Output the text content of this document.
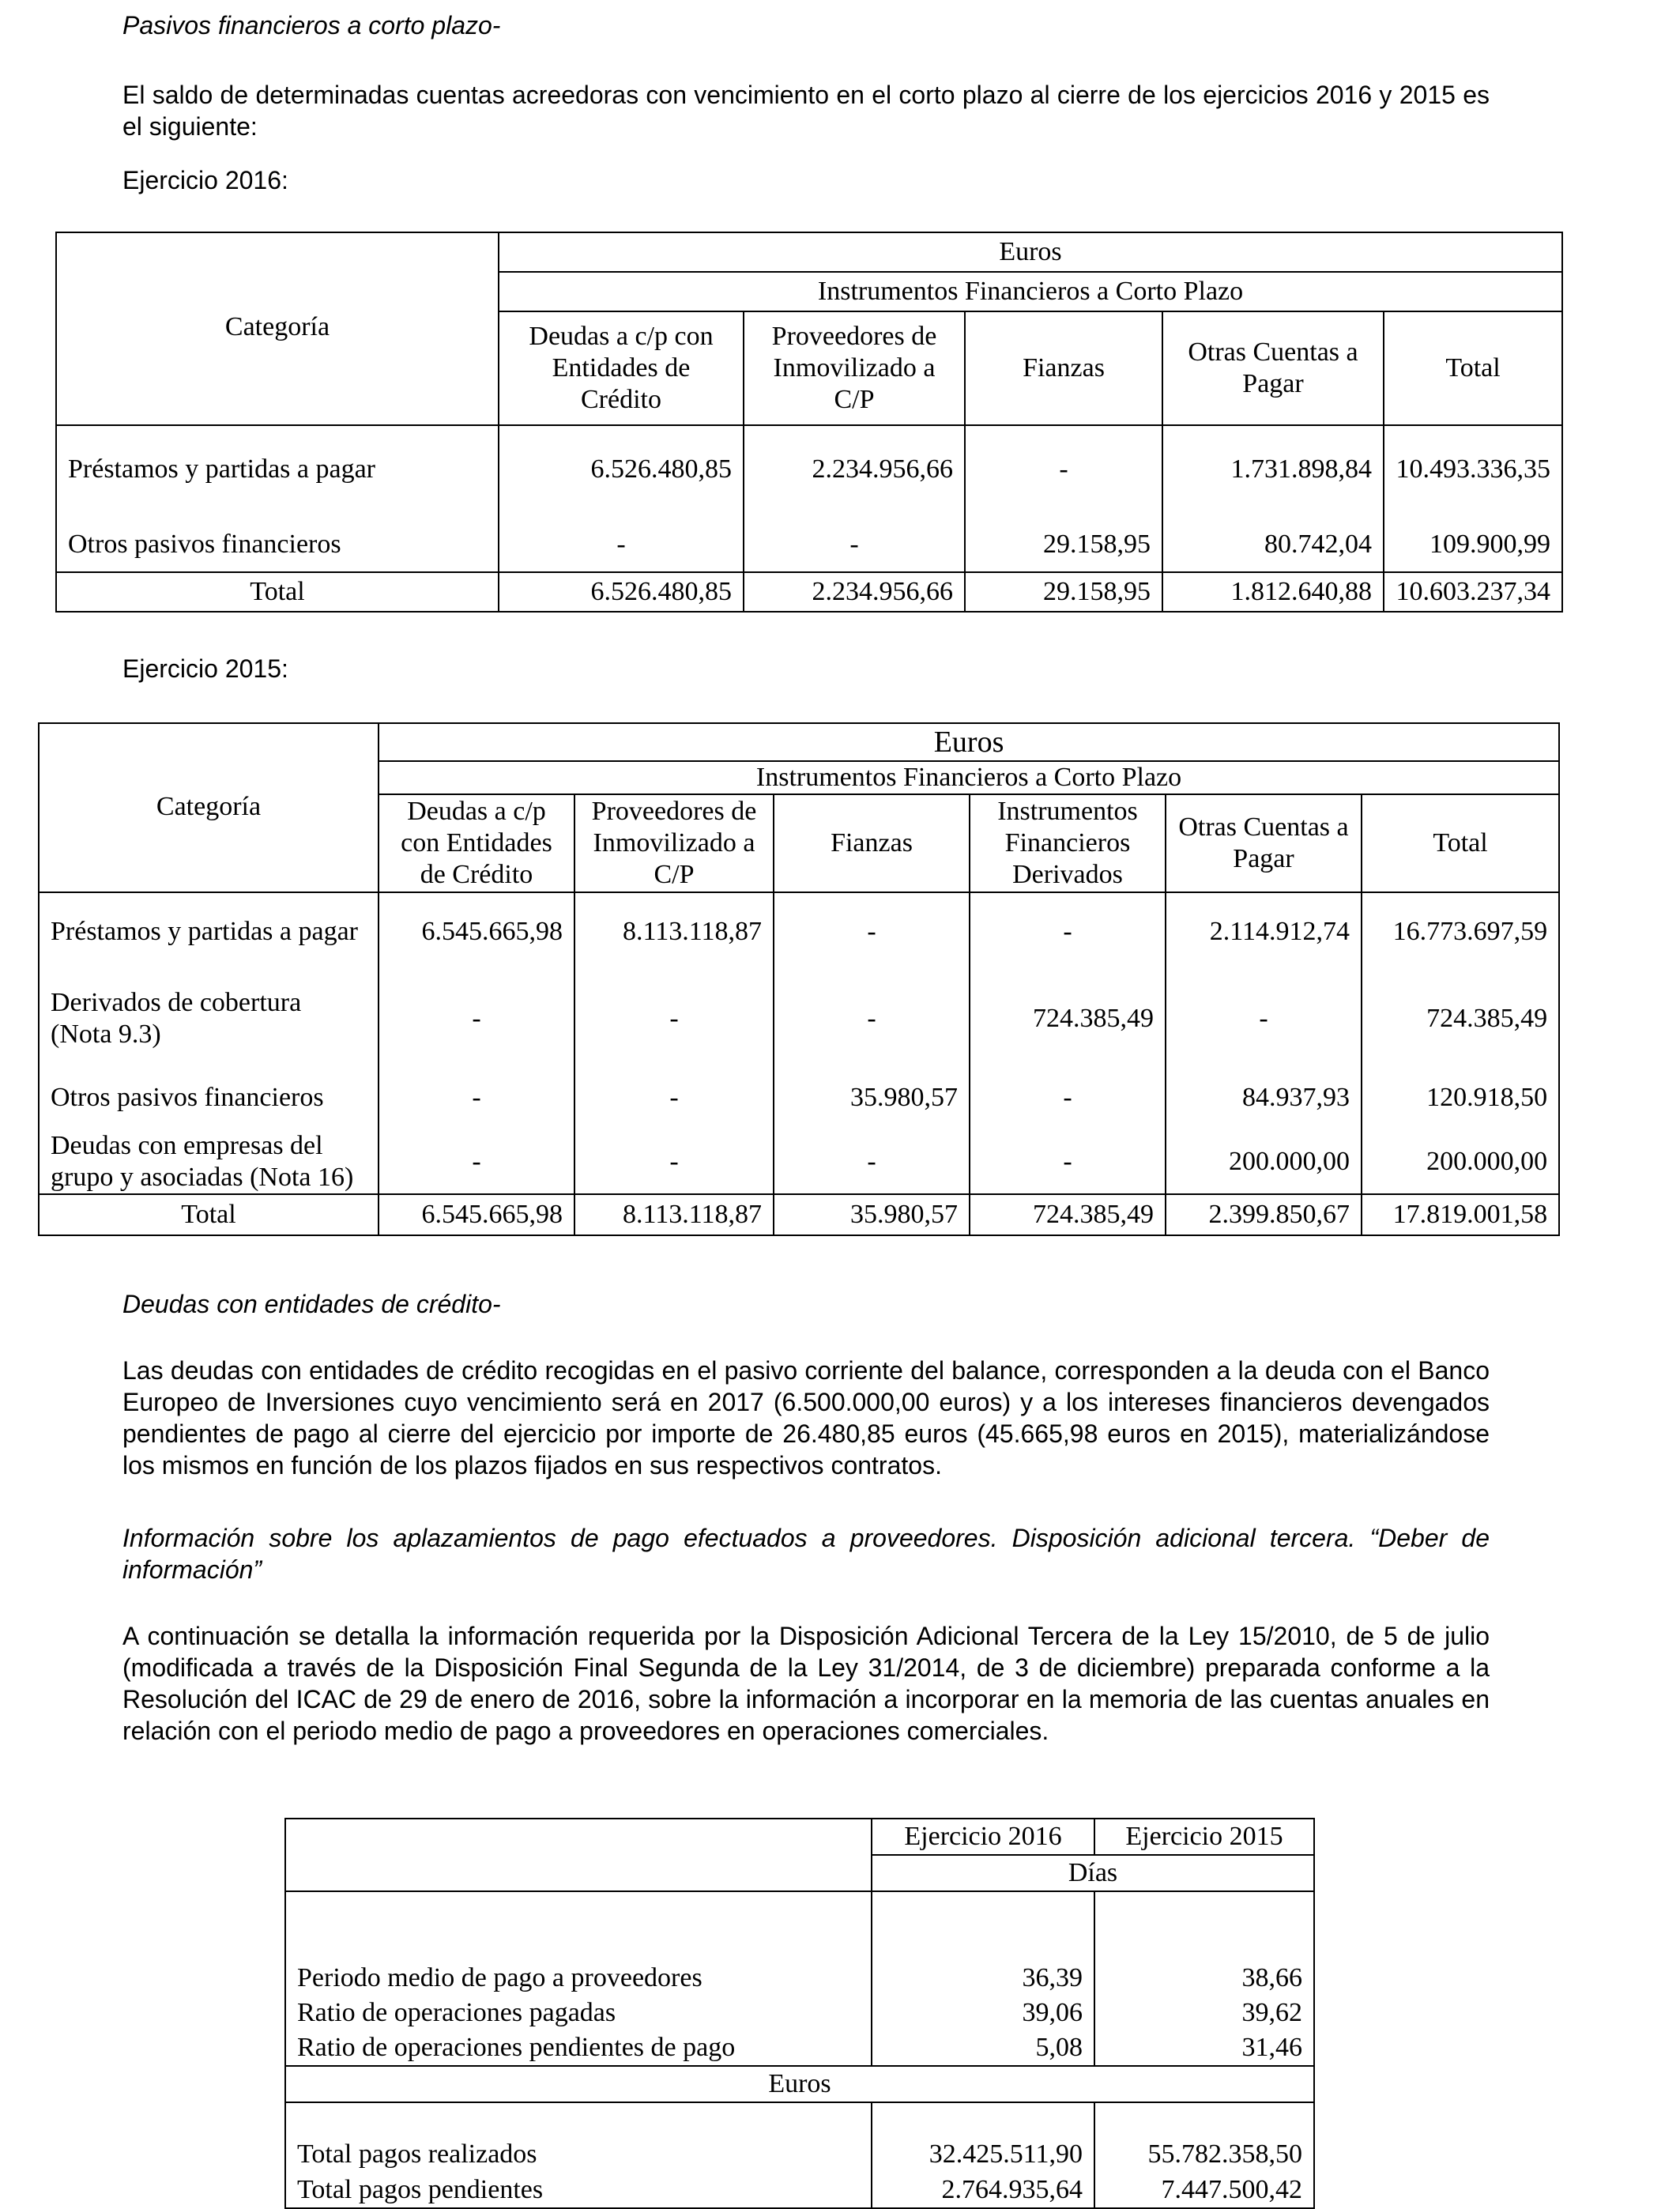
Pasivos financieros a corto plazo-
El saldo de determinadas cuentas acreedoras con vencimiento en el corto plazo al cierre de los ejercicios 2016 y 2015 es el siguiente:
Ejercicio 2016:
Categoría	Euros				
	Instrumentos Financieros a Corto Plazo				
	Deudas a c/p con Entidades de Crédito	Proveedores de Inmovilizado a C/P	Fianzas	Otras Cuentas a Pagar	Total
Préstamos y partidas a pagar	6.526.480,85	2.234.956,66	-	1.731.898,84	10.493.336,35
Otros pasivos financieros	-	-	29.158,95	80.742,04	109.900,99
Total	6.526.480,85	2.234.956,66	29.158,95	1.812.640,88	10.603.237,34
Ejercicio 2015:
Categoría	Euros					
	Instrumentos Financieros a Corto Plazo					
	Deudas a c/p con Entidades de Crédito	Proveedores de Inmovilizado a C/P	Fianzas	Instrumentos Financieros Derivados	Otras Cuentas a Pagar	Total
Préstamos y partidas a pagar	6.545.665,98	8.113.118,87	-	-	2.114.912,74	16.773.697,59
Derivados de cobertura (Nota 9.3)	-	-	-	724.385,49	-	724.385,49
Otros pasivos financieros	-	-	35.980,57	-	84.937,93	120.918,50
Deudas con empresas del grupo y asociadas (Nota 16)	-	-	-	-	200.000,00	200.000,00
Total	6.545.665,98	8.113.118,87	35.980,57	724.385,49	2.399.850,67	17.819.001,58
Deudas con entidades de crédito-
Las deudas con entidades de crédito recogidas en el pasivo corriente del balance, corresponden a la deuda con el Banco Europeo de Inversiones cuyo vencimiento será en 2017 (6.500.000,00 euros) y a los intereses financieros devengados pendientes de pago al cierre del ejercicio por importe de 26.480,85 euros (45.665,98 euros en 2015), materializándose los mismos en función de los plazos fijados en sus respectivos contratos.
Información sobre los aplazamientos de pago efectuados a proveedores. Disposición adicional tercera. “Deber de información”
A continuación se detalla la información requerida por la Disposición Adicional Tercera de la Ley 15/2010, de 5 de julio (modificada a través de la Disposición Final Segunda de la Ley 31/2014, de 3 de diciembre) preparada conforme a la Resolución del ICAC de 29 de enero de 2016, sobre la información a incorporar en la memoria de las cuentas anuales en relación con el periodo medio de pago a proveedores en operaciones comerciales.
	Ejercicio 2016	Ejercicio 2015
	Días	
Periodo medio de pago a proveedores	36,39	38,66
Ratio de operaciones pagadas	39,06	39,62
Ratio de operaciones pendientes de pago	5,08	31,46
Euros		
Total pagos realizados	32.425.511,90	55.782.358,50
Total pagos pendientes	2.764.935,64	7.447.500,42
